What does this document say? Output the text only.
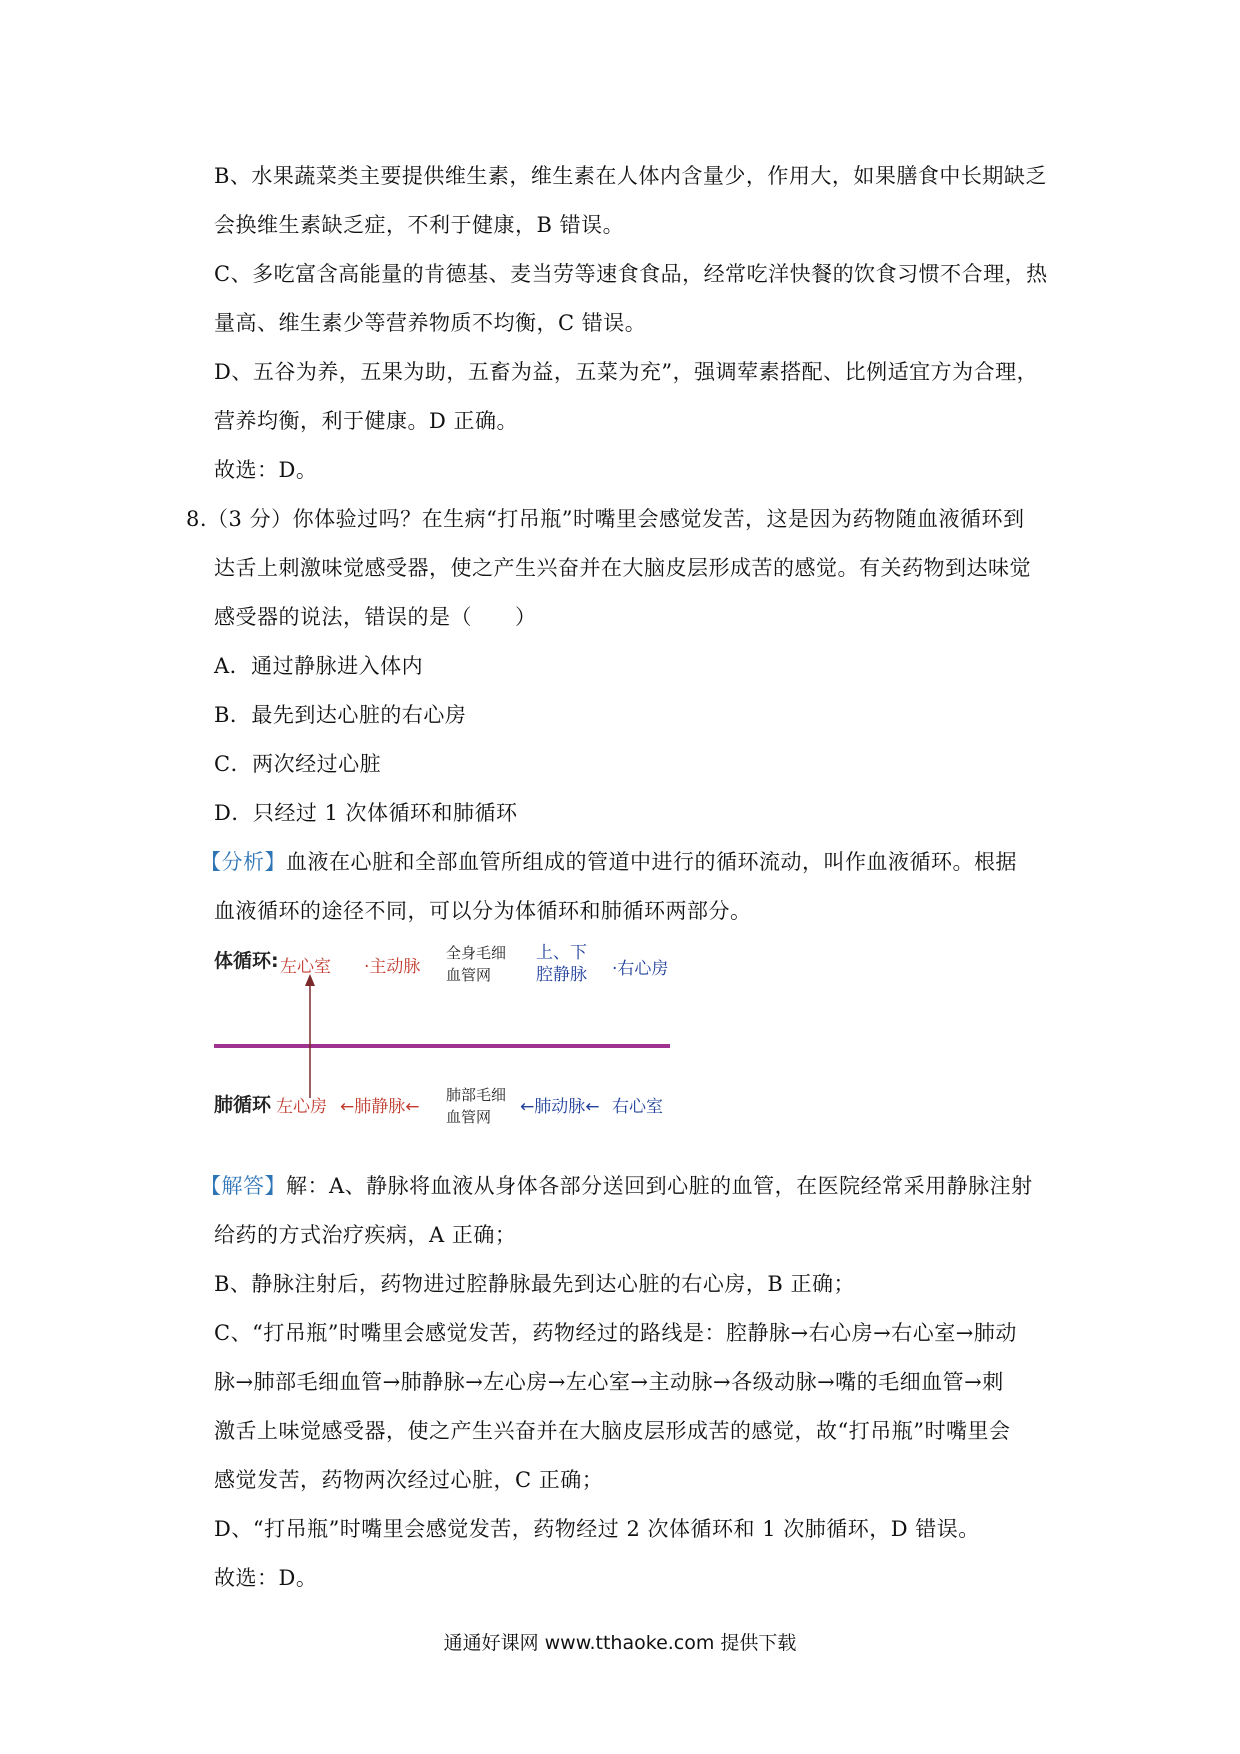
B、水果蔬菜类主要提供维生素，维生素在人体内含量少，作用大，如果膳食中长期缺乏
会换维生素缺乏症，不利于健康，B 错误。
C、多吃富含高能量的肯德基、麦当劳等速食食品，经常吃洋快餐的饮食习惯不合理，热
量高、维生素少等营养物质不均衡，C 错误。
D、五谷为养，五果为助，五畜为益，五菜为充”，强调荤素搭配、比例适宜方为合理，
营养均衡，利于健康。D 正确。
故选：D。
8.（3 分）你体验过吗？在生病“打吊瓶”时嘴里会感觉发苦，这是因为药物随血液循环到
达舌上刺激味觉感受器，使之产生兴奋并在大脑皮层形成苦的感觉。有关药物到达味觉
感受器的说法，错误的是（　　）
A．通过静脉进入体内
B．最先到达心脏的右心房
C．两次经过心脏
D．只经过 1 次体循环和肺循环
【分析】血液在心脏和全部血管所组成的管道中进行的循环流动，叫作血液循环。根据
血液循环的途径不同，可以分为体循环和肺循环两部分。
体循环: 左心室 ·主动脉
全身毛细
血管网
上、下
腔静脉 ·右心房
肺循环 左心房 ←肺静脉←
肺部毛细
血管网	←肺动脉← 右心室
【解答】解：A、静脉将血液从身体各部分送回到心脏的血管，在医院经常采用静脉注射
给药的方式治疗疾病，A 正确；
B、静脉注射后，药物进过腔静脉最先到达心脏的右心房，B 正确；
C、“打吊瓶”时嘴里会感觉发苦，药物经过的路线是：腔静脉→右心房→右心室→肺动
脉→肺部毛细血管→肺静脉→左心房→左心室→主动脉→各级动脉→嘴的毛细血管→刺
激舌上味觉感受器，使之产生兴奋并在大脑皮层形成苦的感觉，故“打吊瓶”时嘴里会
感觉发苦，药物两次经过心脏，C 正确；
D、“打吊瓶”时嘴里会感觉发苦，药物经过 2 次体循环和 1 次肺循环，D 错误。
故选：D。
通通好课网 www.tthaoke.com 提供下载
